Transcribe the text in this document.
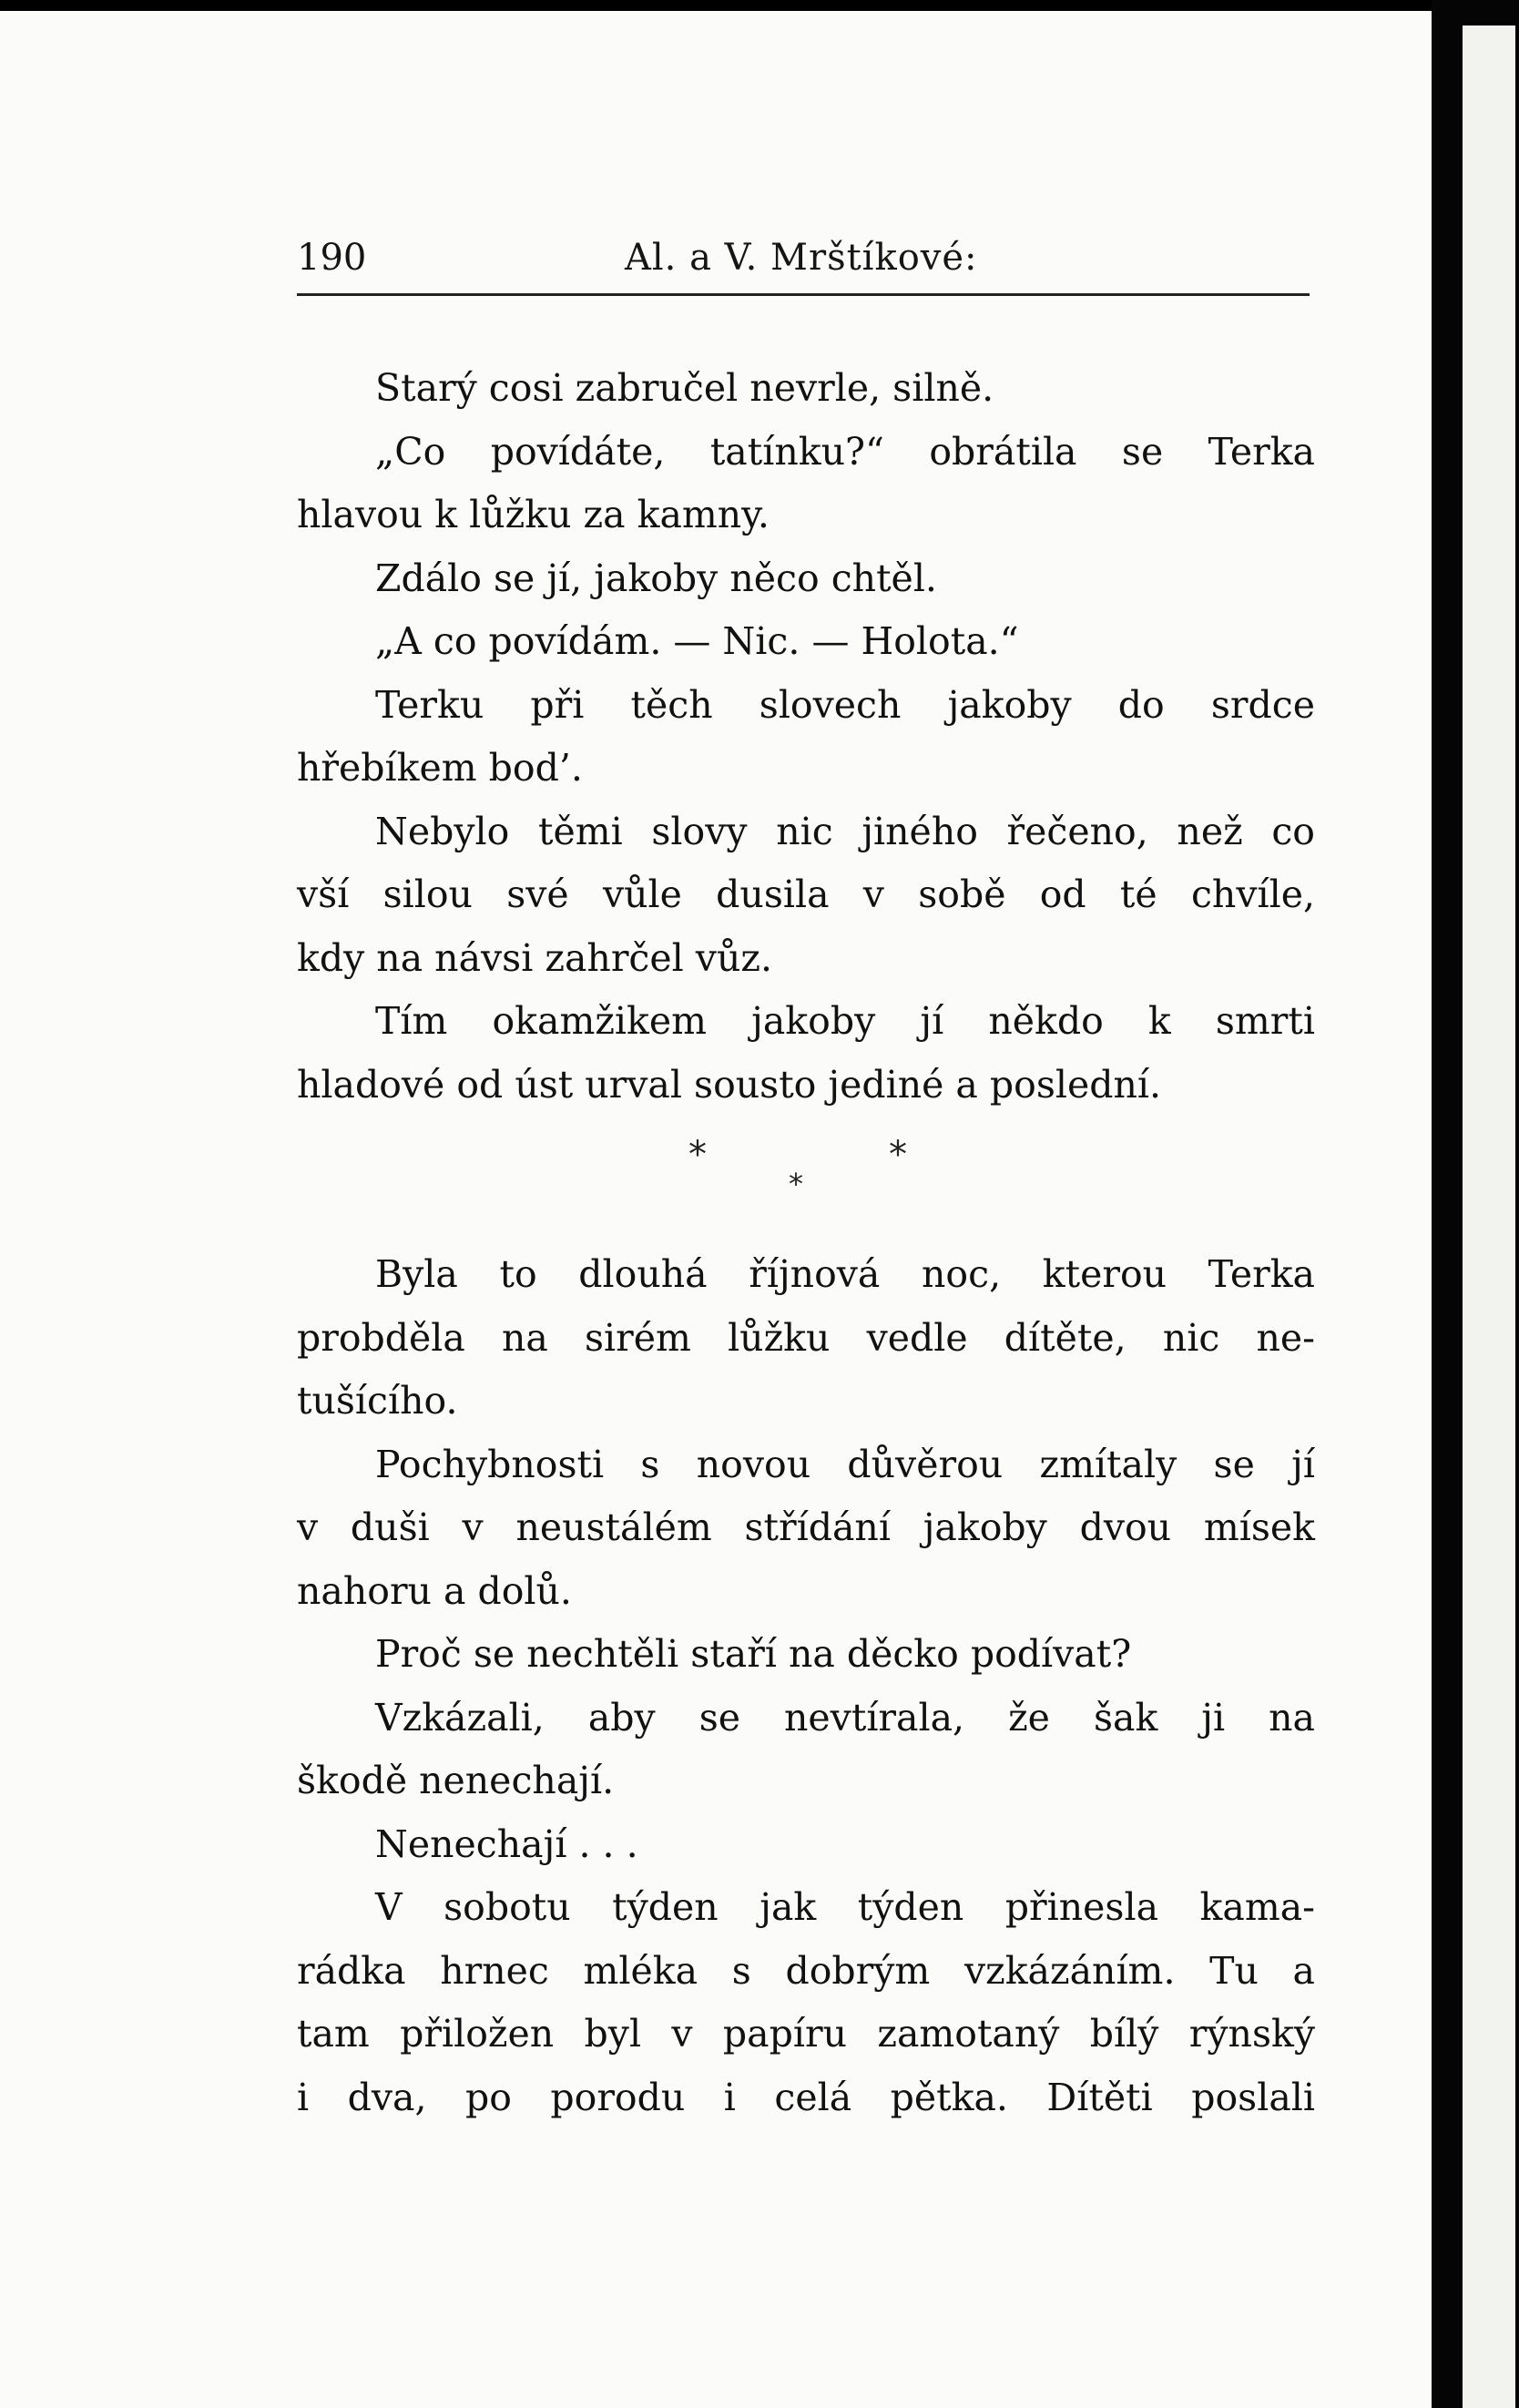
190	Al. a V. Mrštíkové:
Starý cosi zabručel nevrle, silně.
„Co povídáte, tatínku?“ obrátila se Terka
hlavou k lůžku za kamny.
Zdálo se jí, jakoby něco chtěl.
„A co povídám. — Nic. — Holota.“
Terku při těch slovech jakoby do srdce
hřebíkem bod’.
Nebylo těmi slovy nic jiného řečeno, než co
vší silou své vůle dusila v sobě od té chvíle,
kdy na návsi zahrčel vůz.
Tím okamžikem jakoby jí někdo k smrti
hladové od úst urval sousto jediné a poslední.
*	*
*
Byla to dlouhá říjnová noc, kterou Terka
probděla na sirém lůžku vedle dítěte, nic ne-
tušícího.
Pochybnosti s novou důvěrou zmítaly se jí
v duši v neustálém střídání jakoby dvou mísek
nahoru a dolů.
Proč se nechtěli staří na děcko podívat?
Vzkázali, aby se nevtírala, že šak ji na
škodě nenechají.
Nenechají . . .
V sobotu týden jak týden přinesla kama-
rádka hrnec mléka s dobrým vzkázáním. Tu a
tam přiložen byl v papíru zamotaný bílý rýnský
i dva, po porodu i celá pětka. Dítěti poslali
